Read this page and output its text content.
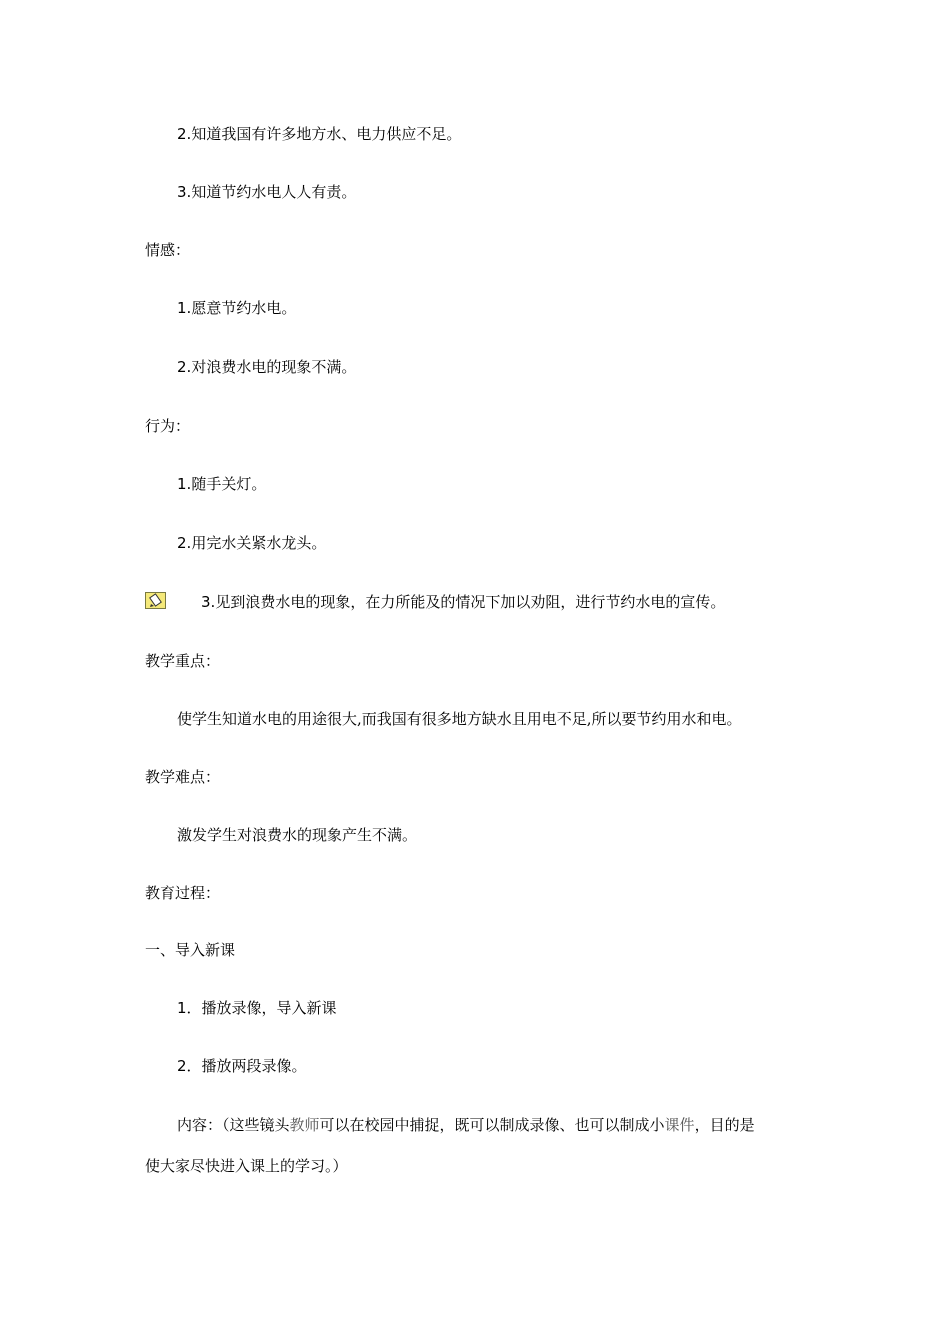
2.知道我国有许多地方水、电力供应不足。
3.知道节约水电人人有责。
情感：
1.愿意节约水电。
2.对浪费水电的现象不满。
行为：
1.随手关灯。
2.用完水关紧水龙头。
3.见到浪费水电的现象，在力所能及的情况下加以劝阻，进行节约水电的宣传。
教学重点：
使学生知道水电的用途很大,而我国有很多地方缺水且用电不足,所以要节约用水和电。
教学难点：
激发学生对浪费水的现象产生不满。
教育过程：
一、导入新课
1．播放录像，导入新课
2．播放两段录像。
内容：（这些镜头教师可以在校园中捕捉，既可以制成录像、也可以制成小课件，目的是
使大家尽快进入课上的学习。）
